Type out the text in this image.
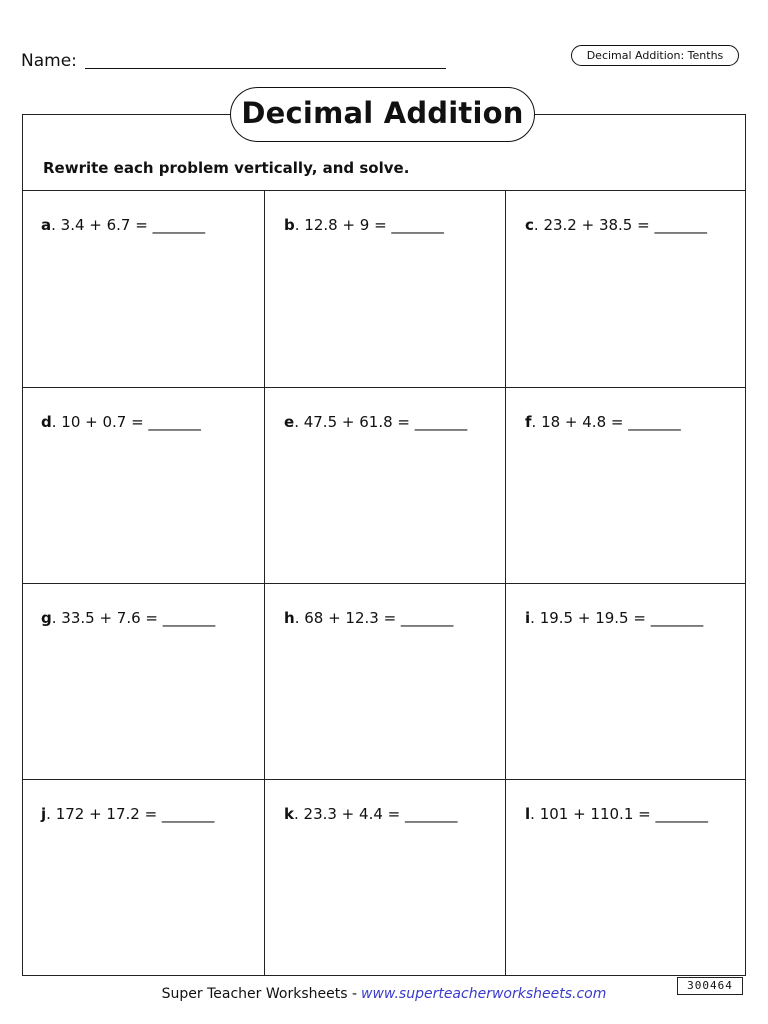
Name:	Decimal Addition: Tenths
Decimal Addition
Rewrite each problem vertically, and solve.
a. 3.4 + 6.7 = _______	b. 12.8 + 9 = _______	c. 23.2 + 38.5 = _______
d. 10 + 0.7 = _______	e. 47.5 + 61.8 = _______	f. 18 + 4.8 = _______
g. 33.5 + 7.6 = _______	h. 68 + 12.3 = _______	i. 19.5 + 19.5 = _______
j. 172 + 17.2 = _______	k. 23.3 + 4.4 = _______	l. 101 + 110.1 = _______
Super Teacher Worksheets - www.superteacherworksheets.com
300464
